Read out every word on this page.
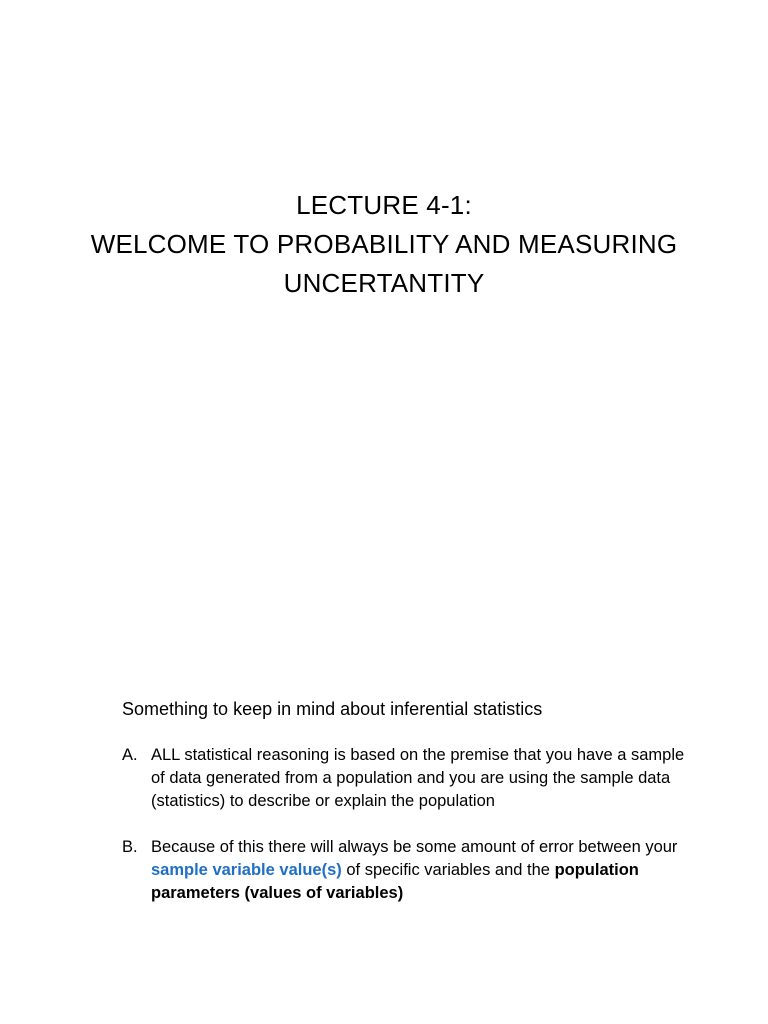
LECTURE 4-1:
WELCOME TO PROBABILITY AND MEASURING
UNCERTANTITY

Something to keep in mind about inferential statistics

A. ALL statistical reasoning is based on the premise that you have a sample of data generated from a population and you are using the sample data (statistics) to describe or explain the population
B. Because of this there will always be some amount of error between your sample variable value(s) of specific variables and the population parameters (values of variables)
